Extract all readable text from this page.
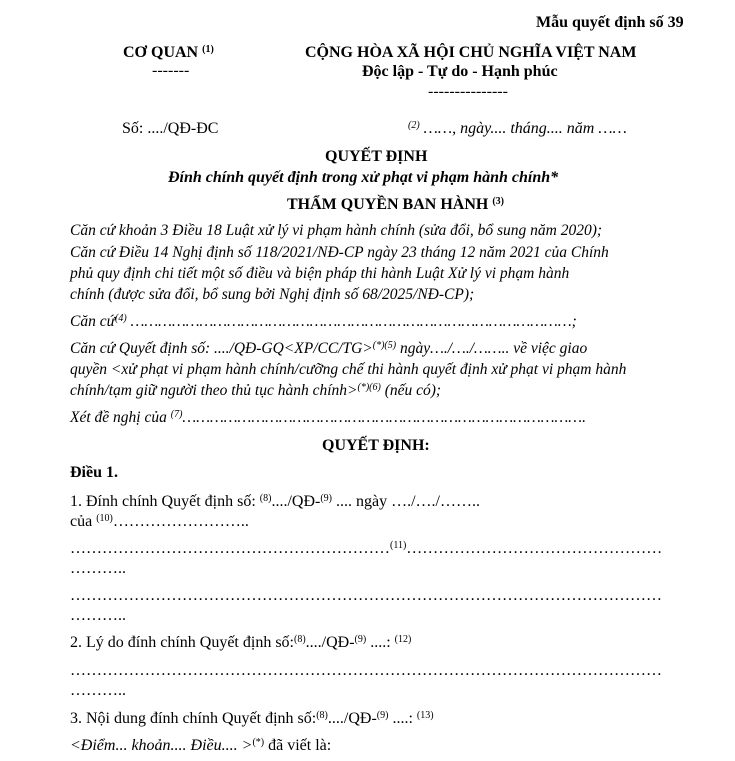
Mẫu quyết định số 39
CƠ QUAN $^{(1)}$
-------
CỘNG HÒA XÃ HỘI CHỦ NGHĨA VIỆT NAM
Độc lập - Tự do - Hạnh phúc
---------------
Số: ..../QĐ-ĐC	$^{(2)}$ ……, ngày.... tháng.... năm ……
QUYẾT ĐỊNH
Đính chính quyết định trong xử phạt vi phạm hành chính*
THẨM QUYỀN BAN HÀNH $^{(3)}$
Căn cứ khoản 3 Điều 18 Luật xử lý vi phạm hành chính (sửa đổi, bổ sung năm 2020);
Căn cứ Điều 14 Nghị định số 118/2021/NĐ-CP ngày 23 tháng 12 năm 2021 của Chính
phủ quy định chi tiết một số điều và biện pháp thi hành Luật Xử lý vi phạm hành
chính (được sửa đổi, bổ sung bởi Nghị định số 68/2025/NĐ-CP);
Căn cứ$^{(4)}$ ……………………………………………………………………………………;
Căn cứ Quyết định số: ..../QĐ-GQ<XP/CC/TG>$^{(*)(5)}$ ngày…./…./…….. về việc giao
quyền <xử phạt vi phạm hành chính/cưỡng chế thi hành quyết định xử phạt vi phạm hành
chính/tạm giữ người theo thủ tục hành chính>$^{(*)(6)}$ (nếu có);
Xét đề nghị của $^{(7)}$…………………………………………………………………………….
QUYẾT ĐỊNH:
Điều 1.
1. Đính chính Quyết định số: $^{(8)}$..../QĐ-$^{(9)}$ .... ngày …./…./……..
của $^{(10)}$……………………..
……………………………………………………$^{(11)}$…………………………………………
………..
…………………………………………………………………………………………………
………..
2. Lý do đính chính Quyết định số:$^{(8)}$..../QĐ-$^{(9)}$ ....: $^{(12)}$
…………………………………………………………………………………………………
………..
3. Nội dung đính chính Quyết định số:$^{(8)}$..../QĐ-$^{(9)}$ ....: $^{(13)}$
<Điểm... khoản.... Điều.... >(*) đã viết là:
